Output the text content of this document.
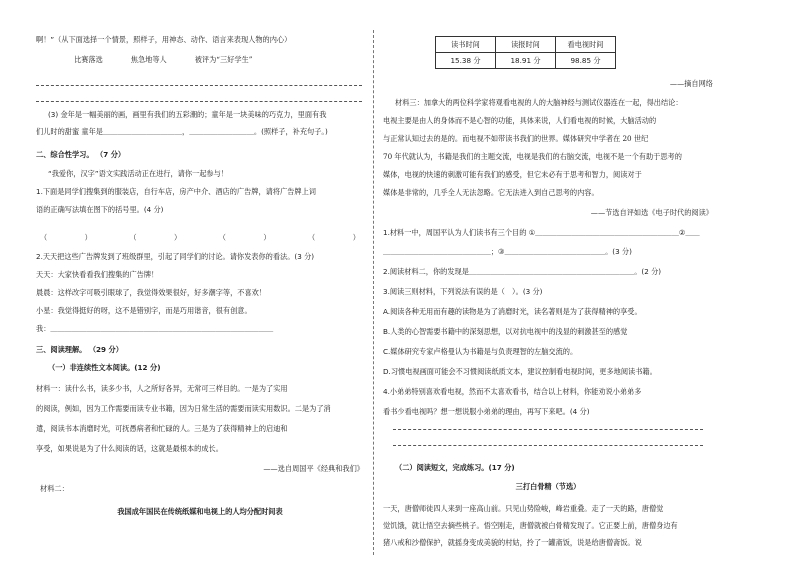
啊！”（从下面选择一个情景，照样子，用神态、动作、语言来表现人物的内心）
比赛落选	焦急地等人	被评为“三好学生”
(3) 金年是一幅美丽的画，画里有我们的五彩潮的；童年是一块美味的巧克力，里面有我
们儿时的甜蜜 童年是＿＿＿＿＿＿＿＿＿＿＿，＿＿＿＿＿＿＿＿＿。(照样子，补充句子。)
二、综合性学习。 （7 分）
“我爱你，汉字”语文实践活动正在进行，请你一起参与！
1.下面是同学们搜集到的服装店，自行车店，房产中介、酒店的广告牌，请将广告牌上词
语的正确写法填在图下的括号里。(4 分)
（	）	（	）	（	）	（	）
2.天天把这些广告牌发到了班级群里，引起了同学们的讨论。请你发表你的看法。(3 分)
天天：大家快看看我们搜集的广告牌！
晨晨：这样改字可吸引眼球了，我觉得效果很好，好多潮字等，不喜欢！
小星：我觉得挺好的呀，这不是错别字，而是巧用谐音，很有创意。
我：＿＿＿＿＿＿＿＿＿＿＿＿＿＿＿＿＿＿＿＿＿＿＿＿＿＿＿＿＿＿＿
三、阅读理解。 （29 分）
（一）非连续性文本阅读。(12 分)
材料一：读什么书，读多少书，人之所好各异，无常可三样目的。一是为了实用
的阅读，例如，因为工作需要而读专业书籍，因为日常生活的需要而读实用数识。二是为了消
遣，阅读书本消磨时光，可抚愚病者和忙碌的人。三是为了获得精神上的启迪和
享受，如果说是为了什么阅读的话，这就是最根本的成长。
——选自周国平《经典和我们》
材料二：
我国成年国民在传统纸媒和电视上的人均分配时间表
读书时间	读报时间	看电视时间
15.38 分	18.91 分	98.85 分
——摘自网络
材料三：加拿大的两位科学家将观看电视的人的大脑神经与测试仪器连在一起，得出结论：
电视主要是由人的身体而不是心智的功能，具体来说，人们看电视的时候，大脑活动的
与正常认知过去的是的。而电视不如带读书我们的世界。媒体研究中学者在 20 世纪
70 年代就认为，书籍是我们的主题交流，电视是我们的右脑交流，电视不是一个有助于思考的
媒体，电视的快速的刺激可能有我们的感受，但它未必有于思考和智力，阅读对于
媒体是非常的，几乎全人无法忽略。它无法进入到自己思考的内容。
——节选自评如选《电子时代的阅读》
1.材料一中，周国平认为人们读书有三个目的 ①＿＿＿＿＿＿＿＿＿＿＿＿＿＿＿＿＿＿＿＿②＿＿
＿＿＿＿＿＿＿＿＿＿＿＿＿＿＿；③＿＿＿＿＿＿＿＿＿＿＿＿＿＿。(3 分)
2.阅读材料二，你的发现是＿＿＿＿＿＿＿＿＿＿＿＿＿＿＿＿＿＿＿＿＿＿＿。(2 分)
3.阅读三则材料，下列说法有误的是（　）。(3 分)
A.阅读各种无用而有趣的读物是为了消磨时光，读名著则是为了获得精神的享受。
B.人类的心智需要书籍中的深刻思想，以对抗电视中的浅显的刺激甚至的感觉
C.媒体研究专家卢格曼认为书籍是与负责理智的左脑交流的。
D.习惯电视画面可能会不习惯阅读纸质文本，建议控制看电视时间，更多地阅读书籍。
4.小弟弟特别喜欢看电视，然而不太喜欢看书，结合以上材料，你能劝说小弟弟多
看书少看电视吗？想一想说服小弟弟的理由，再写下来吧。(4 分)
（二）阅读短文，完成练习。(17 分)
三打白骨精（节选）
一天，唐僧师徒四人来到一座高山前。只见山势险峻，峰岩重叠。走了一天的路，唐僧觉
觉饥饿，就让悟空去摘些桃子。悟空刚走，唐僧就被白骨精发现了。它正要上前，唐僧身边有
猪八戒和沙僧保护，就摇身变成美貌的村姑，拎了一罐斋饭，说是给唐僧斋饭。说
